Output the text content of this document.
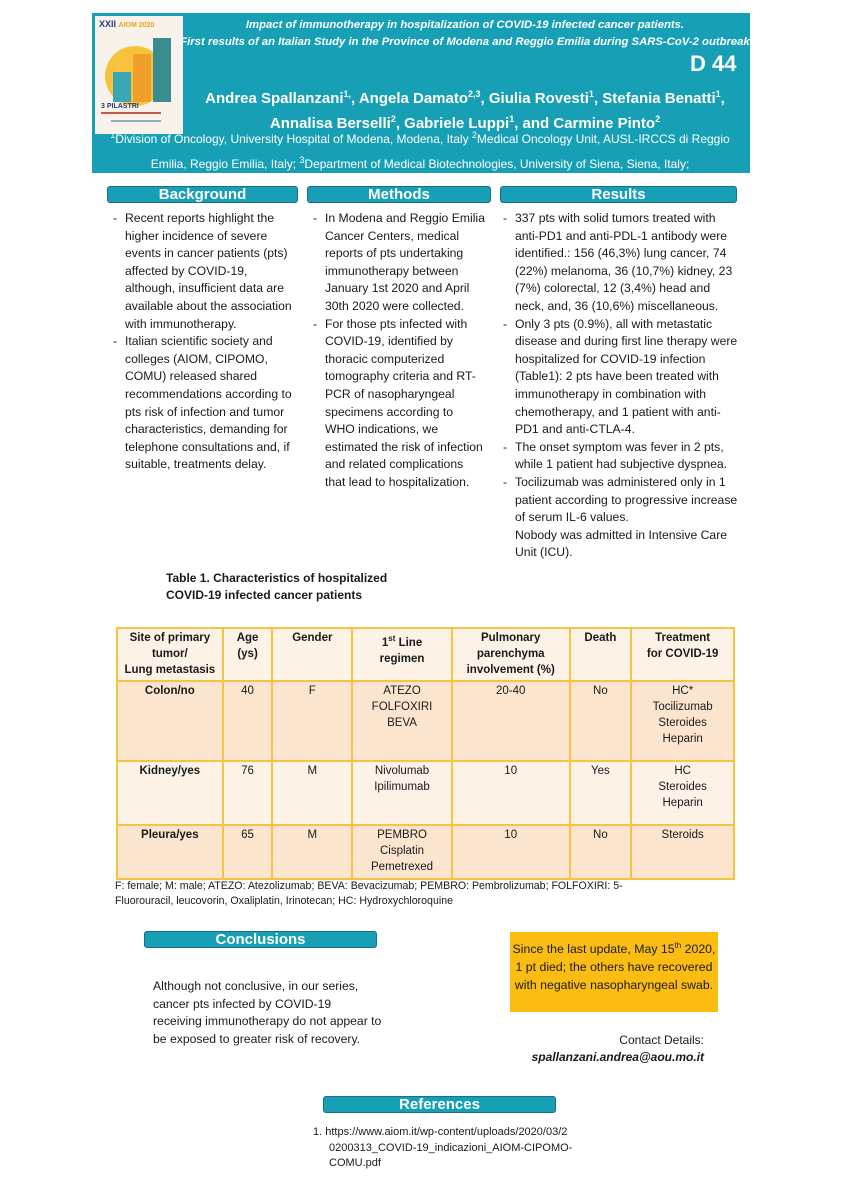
XXII AIOM 2020
3 PILASTRI
Impact of immunotherapy in hospitalization of COVID-19 infected cancer patients.
First results of an Italian Study in the Province of Modena and Reggio Emilia during SARS-CoV-2 outbreak
D 44
Andrea Spallanzani$^{1,}$, Angela Damato$^{2,3}$, Giulia Rovesti$^1$, Stefania Benatti$^1$,
Annalisa Berselli$^2$, Gabriele Luppi$^1$, and Carmine Pinto$^2$
$^1$Division of Oncology, University Hospital of Modena, Modena, Italy $^2$Medical Oncology Unit, AUSL-IRCCS di Reggio Emilia, Reggio Emilia, Italy; $^3$Department of Medical Biotechnologies, University of Siena, Siena, Italy;
Background	Methods	Results
- Recent reports highlight the higher incidence of severe events in cancer patients (pts) affected by COVID-19, although, insufficient data are available about the association with immunotherapy.
- Italian scientific society and colleges (AIOM, CIPOMO, COMU) released shared recommendations according to pts risk of infection and tumor characteristics, demanding for telephone consultations and, if suitable, treatments delay.
- In Modena and Reggio Emilia Cancer Centers, medical reports of pts undertaking immunotherapy between January 1st 2020 and April 30th 2020 were collected.
- For those pts infected with COVID-19, identified by thoracic computerized tomography criteria and RT-PCR of nasopharyngeal specimens according to WHO indications, we estimated the risk of infection and related complications that lead to hospitalization.
- 337 pts with solid tumors treated with anti-PD1 and anti-PDL-1 antibody were identified.: 156 (46,3%) lung cancer, 74 (22%) melanoma, 36 (10,7%) kidney, 23 (7%) colorectal, 12 (3,4%) head and neck, and, 36 (10,6%) miscellaneous.
- Only 3 pts (0.9%), all with metastatic disease and during first line therapy were hospitalized for COVID-19 infection (Table1): 2 pts have been treated with immunotherapy in combination with chemotherapy, and 1 patient with anti-PD1 and anti-CTLA-4.
- The onset symptom was fever in 2 pts, while 1 patient had subjective dyspnea.
- Tocilizumab was administered only in 1 patient according to progressive increase of serum IL-6 values.
Nobody was admitted in Intensive Care Unit (ICU).
Table 1. Characteristics of hospitalized COVID-19 infected cancer patients
Site of primary
tumor/
Lung metastasis	Age (ys)	Gender	1st Line
regimen	Pulmonary
parenchyma
involvement (%)	Death	Treatment
for COVID-19
Colon/no	40	F	ATEZO
FOLFOXIRI
BEVA
	20-40	No	HC*
Tocilizumab
Steroides
Heparin

Kidney/yes	76	M	Nivolumab
Ipilimumab
	10	Yes	HC
Steroides
Heparin

Pleura/yes	65	M	PEMBRO
Cisplatin
Pemetrexed	10	No	Steroids
F: female; M: male; ATEZO: Atezolizumab; BEVA: Bevacizumab; PEMBRO: Pembrolizumab; FOLFOXIRI: 5-Fluorouracil, leucovorin, Oxaliplatin, Irinotecan; HC: Hydroxychloroquine
Conclusions
Although not conclusive, in our series, cancer pts infected by COVID-19 receiving immunotherapy do not appear to be exposed to greater risk of recovery.
Since the last update, May 15th 2020, 1 pt died; the others have recovered with negative nasopharyngeal swab.
Contact Details:
spallanzani.andrea@aou.mo.it
References
1. https://www.aiom.it/wp-content/uploads/2020/03/20200313_COVID-19_indicazioni_AIOM-CIPOMO-COMU.pdf
